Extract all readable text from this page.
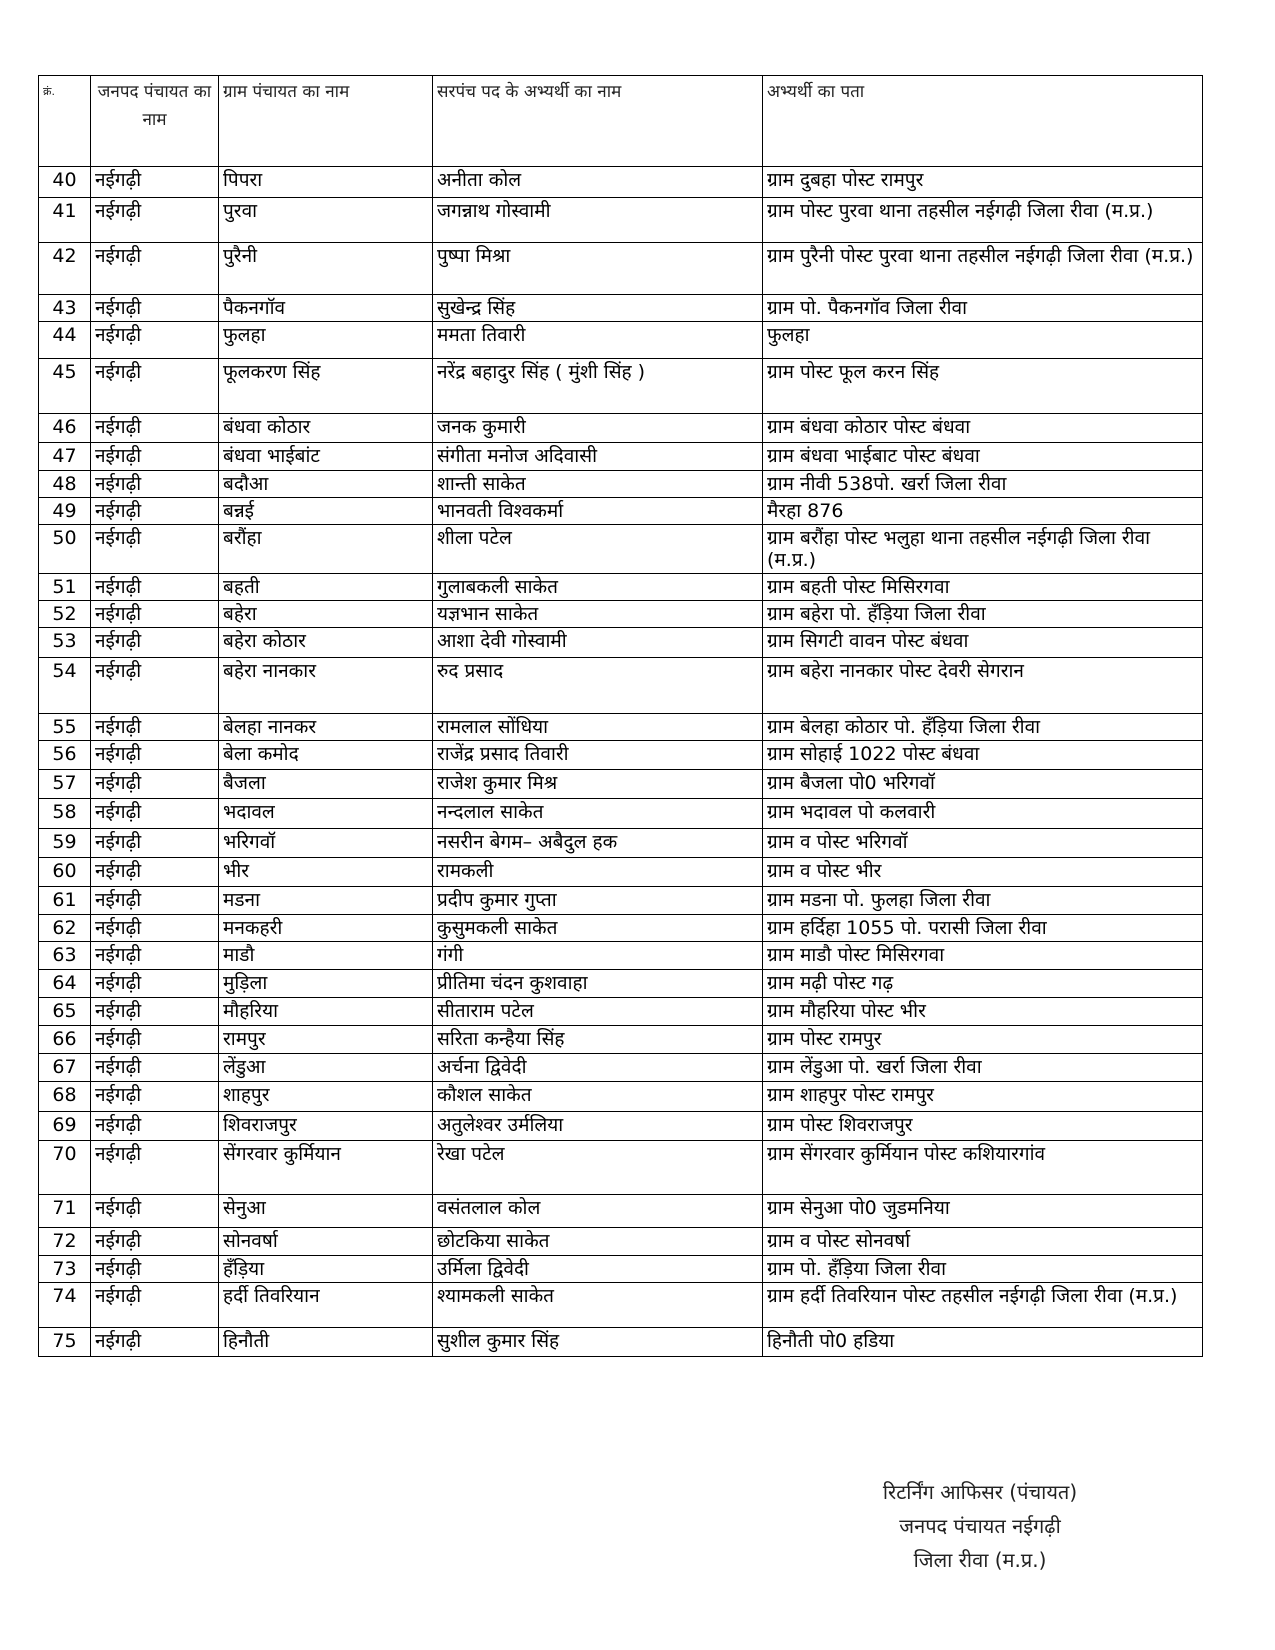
क्रं.	जनपद पंचायत का नाम	ग्राम पंचायत का नाम	सरपंच पद के अभ्यर्थी का नाम	अभ्यर्थी का पता
40	नईगढ़ी	पिपरा	अनीता कोल	ग्राम दुबहा पोस्ट रामपुर
41	नईगढ़ी	पुरवा	जगन्नाथ गोस्वामी	ग्राम पोस्ट पुरवा थाना तहसील नईगढ़ी जिला रीवा (म.प्र.)
42	नईगढ़ी	पुरैनी	पुष्पा मिश्रा	ग्राम पुरैनी पोस्ट पुरवा थाना तहसील नईगढ़ी जिला रीवा (म.प्र.)
43	नईगढ़ी	पैकनगॉव	सुखेन्द्र सिंह	ग्राम पो. पैकनगॉव जिला रीवा
44	नईगढ़ी	फुलहा	ममता तिवारी	फुलहा
45	नईगढ़ी	फूलकरण सिंह	नरेंद्र बहादुर सिंह ( मुंशी सिंह )	ग्राम पोस्ट फूल करन सिंह
46	नईगढ़ी	बंधवा कोठार	जनक कुमारी	ग्राम बंधवा कोठार पोस्ट बंधवा
47	नईगढ़ी	बंधवा भाईबांट	संगीता मनोज अदिवासी	ग्राम बंधवा भाईबाट पोस्ट बंधवा
48	नईगढ़ी	बदौआ	शान्ती साकेत	ग्राम नीवी 538पो. खर्रा जिला रीवा
49	नईगढ़ी	बन्नई	भानवती विश्वकर्मा	मैरहा 876
50	नईगढ़ी	बरौंहा	शीला पटेल	ग्राम बरौंहा पोस्ट भलुहा थाना तहसील नईगढ़ी जिला रीवा (म.प्र.)
51	नईगढ़ी	बहती	गुलाबकली साकेत	ग्राम बहती पोस्ट मिसिरगवा
52	नईगढ़ी	बहेरा	यज्ञभान साकेत	ग्राम बहेरा पो. हँड़िया जिला रीवा
53	नईगढ़ी	बहेरा कोठार	आशा देवी गोस्वामी	ग्राम सिगटी वावन पोस्ट बंधवा
54	नईगढ़ी	बहेरा नानकार	रुद प्रसाद	ग्राम बहेरा नानकार पोस्ट देवरी सेगरान
55	नईगढ़ी	बेलहा नानकर	रामलाल सोंधिया	ग्राम बेलहा कोठार पो. हँड़िया जिला रीवा
56	नईगढ़ी	बेला कमोद	राजेंद्र प्रसाद तिवारी	ग्राम सोहाई 1022 पोस्ट बंधवा
57	नईगढ़ी	बैजला	राजेश कुमार मिश्र	ग्राम बैजला पो0 भरिगवॉ
58	नईगढ़ी	भदावल	नन्दलाल साकेत	ग्राम भदावल पो कलवारी
59	नईगढ़ी	भरिगवॉ	नसरीन बेगम– अबैदुल हक	ग्राम व पोस्ट भरिगवॉ
60	नईगढ़ी	भीर	रामकली	ग्राम व पोस्ट भीर
61	नईगढ़ी	मडना	प्रदीप कुमार गुप्ता	ग्राम मडना पो. फुलहा जिला रीवा
62	नईगढ़ी	मनकहरी	कुसुमकली साकेत	ग्राम हर्दिहा 1055 पो. परासी जिला रीवा
63	नईगढ़ी	माडौ	गंगी	ग्राम माडौ पोस्ट मिसिरगवा
64	नईगढ़ी	मुड़िला	प्रीतिमा चंदन कुशवाहा	ग्राम मढ़ी पोस्ट गढ़
65	नईगढ़ी	मौहरिया	सीताराम पटेल	ग्राम मौहरिया पोस्ट भीर
66	नईगढ़ी	रामपुर	सरिता कन्हैया सिंह	ग्राम पोस्ट रामपुर
67	नईगढ़ी	लेंडुआ	अर्चना द्विवेदी	ग्राम लेंडुआ पो. खर्रा जिला रीवा
68	नईगढ़ी	शाहपुर	कौशल साकेत	ग्राम शाहपुर पोस्ट रामपुर
69	नईगढ़ी	शिवराजपुर	अतुलेश्वर उर्मलिया	ग्राम पोस्ट शिवराजपुर
70	नईगढ़ी	सेंगरवार कुर्मियान	रेखा पटेल	ग्राम सेंगरवार कुर्मियान पोस्ट कशियारगांव
71	नईगढ़ी	सेनुआ	वसंतलाल कोल	ग्राम सेनुआ पो0 जुडमनिया
72	नईगढ़ी	सोनवर्षा	छोटकिया साकेत	ग्राम व पोस्ट सोनवर्षा
73	नईगढ़ी	हँड़िया	उर्मिला द्विवेदी	ग्राम पो. हँड़िया जिला रीवा
74	नईगढ़ी	हर्दी तिवरियान	श्यामकली साकेत	ग्राम हर्दी तिवरियान पोस्ट तहसील नईगढ़ी जिला रीवा (म.प्र.)
75	नईगढ़ी	हिनौती	सुशील कुमार सिंह	हिनौती पो0 हडिया
रिटर्निंग आफिसर (पंचायत)
जनपद पंचायत नईगढ़ी
जिला रीवा (म.प्र.)
